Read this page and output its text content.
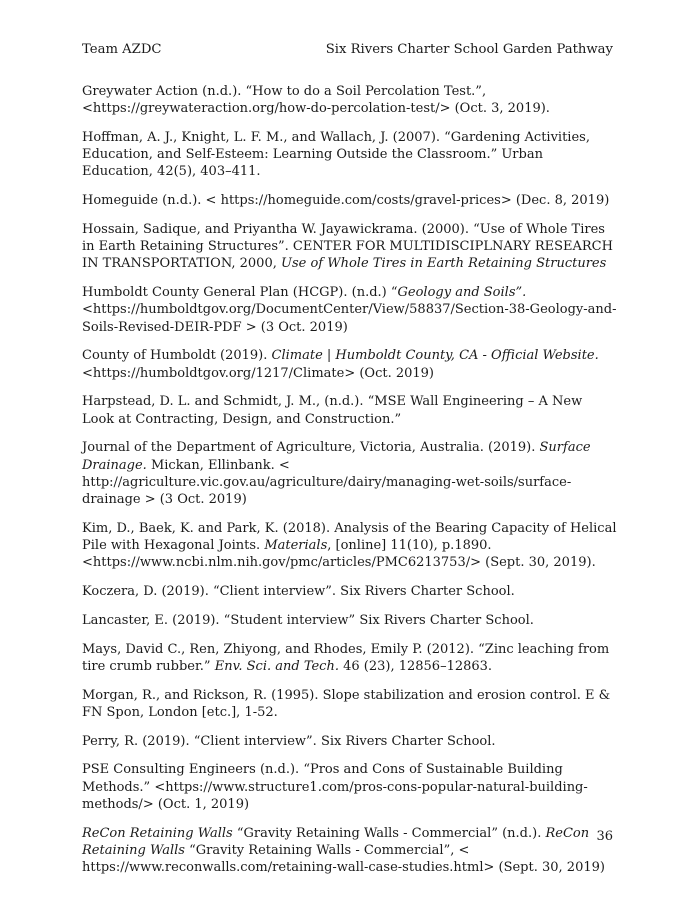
Team AZDC	Six Rivers Charter School Garden Pathway

Greywater Action (n.d.). “How to do a Soil Percolation Test.”, <https://greywateraction.org/how-do-percolation-test/> (Oct. 3, 2019).

Hoffman, A. J., Knight, L. F. M., and Wallach, J. (2007). “Gardening Activities, Education, and Self-Esteem: Learning Outside the Classroom.” Urban Education, 42(5), 403–411.

Homeguide (n.d.). < https://homeguide.com/costs/gravel-prices> (Dec. 8, 2019)

Hossain, Sadique, and Priyantha W. Jayawickrama. (2000). “Use of Whole Tires in Earth Retaining Structures”. CENTER FOR MULTIDISCIPLNARY RESEARCH IN TRANSPORTATION, 2000, Use of Whole Tires in Earth Retaining Structures

Humboldt County General Plan (HCGP). (n.d.) “Geology and Soils”. <https://humboldtgov.org/DocumentCenter/View/58837/Section-38-Geology-and-Soils-Revised-DEIR-PDF > (3 Oct. 2019)

County of Humboldt (2019). Climate | Humboldt County, CA - Official Website. <https://humboldtgov.org/1217/Climate> (Oct. 2019)

Harpstead, D. L. and Schmidt, J. M., (n.d.). “MSE Wall Engineering – A New Look at Contracting, Design, and Construction.”

Journal of the Department of Agriculture, Victoria, Australia. (2019). Surface Drainage. Mickan, Ellinbank. < http://agriculture.vic.gov.au/agriculture/dairy/managing-wet-soils/surface-drainage > (3 Oct. 2019)

Kim, D., Baek, K. and Park, K. (2018). Analysis of the Bearing Capacity of Helical Pile with Hexagonal Joints. Materials, [online] 11(10), p.1890. <https://www.ncbi.nlm.nih.gov/pmc/articles/PMC6213753/> (Sept. 30, 2019).

Koczera, D. (2019). “Client interview”. Six Rivers Charter School.

Lancaster, E. (2019). “Student interview” Six Rivers Charter School.

Mays, David C., Ren, Zhiyong, and Rhodes, Emily P. (2012). “Zinc leaching from tire crumb rubber.” Env. Sci. and Tech. 46 (23), 12856–12863.

Morgan, R., and Rickson, R. (1995). Slope stabilization and erosion control. E & FN Spon, London [etc.], 1-52.

Perry, R. (2019). “Client interview”. Six Rivers Charter School.

PSE Consulting Engineers (n.d.). “Pros and Cons of Sustainable Building Methods.” <https://www.structure1.com/pros-cons-popular-natural-building-methods/> (Oct. 1, 2019)

ReCon Retaining Walls “Gravity Retaining Walls - Commercial” (n.d.). ReCon Retaining Walls “Gravity Retaining Walls - Commercial”, < https://www.reconwalls.com/retaining-wall-case-studies.html> (Sept. 30, 2019)

36
